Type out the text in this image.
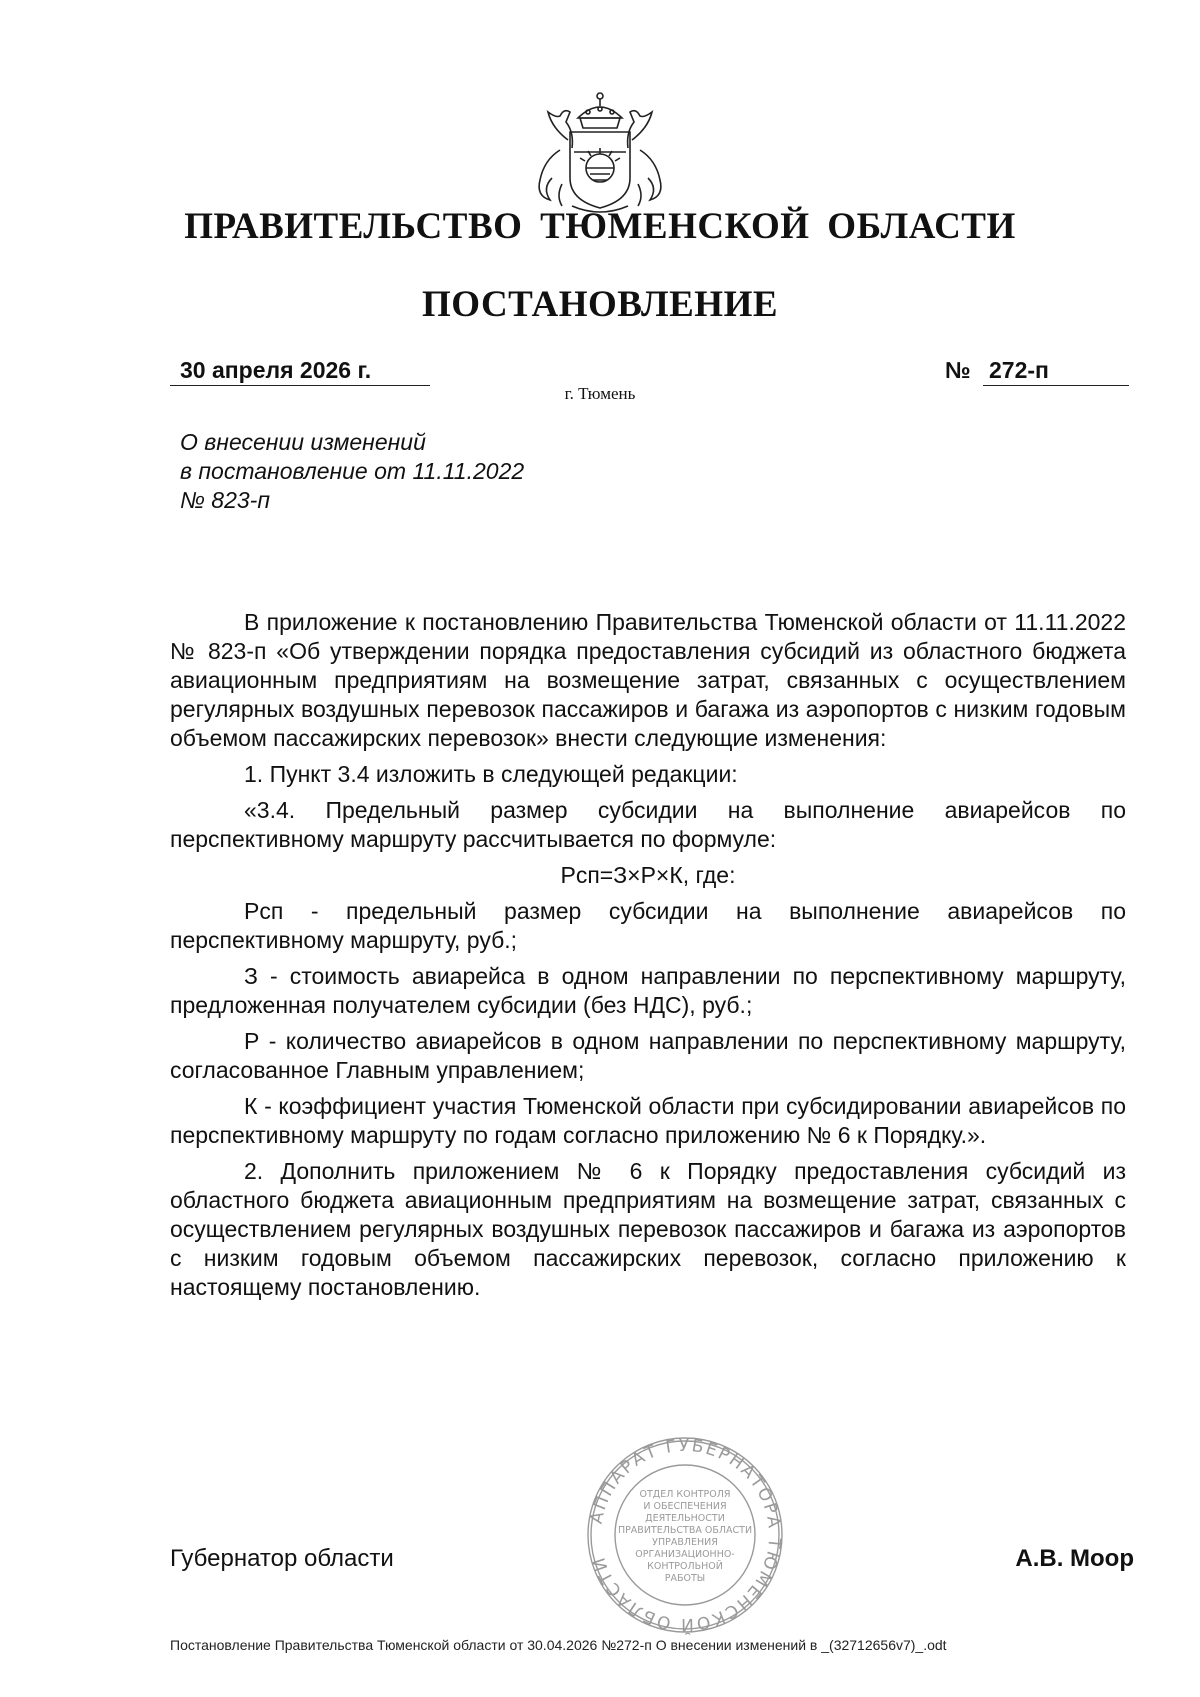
ПРАВИТЕЛЬСТВО ТЮМЕНСКОЙ ОБЛАСТИ
ПОСТАНОВЛЕНИЕ
30 апреля 2026 г.	№ 272-п
г. Тюмень
О внесении изменений
в постановление от 11.11.2022
№ 823-п

В приложение к постановлению Правительства Тюменской области от 11.11.2022 № 823-п «Об утверждении порядка предоставления субсидий из областного бюджета авиационным предприятиям на возмещение затрат, связанных с осуществлением регулярных воздушных перевозок пассажиров и багажа из аэропортов с низким годовым объемом пассажирских перевозок» внести следующие изменения:

1. Пункт 3.4 изложить в следующей редакции:

«3.4. Предельный размер субсидии на выполнение авиарейсов по перспективному маршруту рассчитывается по формуле:

Рсп=З×Р×К, где:

Рсп - предельный размер субсидии на выполнение авиарейсов по перспективному маршруту, руб.;

З - стоимость авиарейса в одном направлении по перспективному маршруту, предложенная получателем субсидии (без НДС), руб.;

Р - количество авиарейсов в одном направлении по перспективному маршруту, согласованное Главным управлением;

К - коэффициент участия Тюменской области при субсидировании авиарейсов по перспективному маршруту по годам согласно приложению № 6 к Порядку.».

2. Дополнить приложением № 6 к Порядку предоставления субсидий из областного бюджета авиационным предприятиям на возмещение затрат, связанных с осуществлением регулярных воздушных перевозок пассажиров и багажа из аэропортов с низким годовым объемом пассажирских перевозок, согласно приложению к настоящему постановлению.

АППАРАТ ГУБЕРНАТОРА ТЮМЕНСКОЙ ОБЛАСТИ
ОТДЕЛ КОНТРОЛЯ
И ОБЕСПЕЧЕНИЯ
ДЕЯТЕЛЬНОСТИ
ПРАВИТЕЛЬСТВА ОБЛАСТИ
УПРАВЛЕНИЯ
ОРГАНИЗАЦИОННО-
КОНТРОЛЬНОЙ
РАБОТЫ
Губернатор области	А.В. Моор
Постановление Правительства Тюменской области от 30.04.2026 №272-п О внесении изменений в _(32712656v7)_.odt
